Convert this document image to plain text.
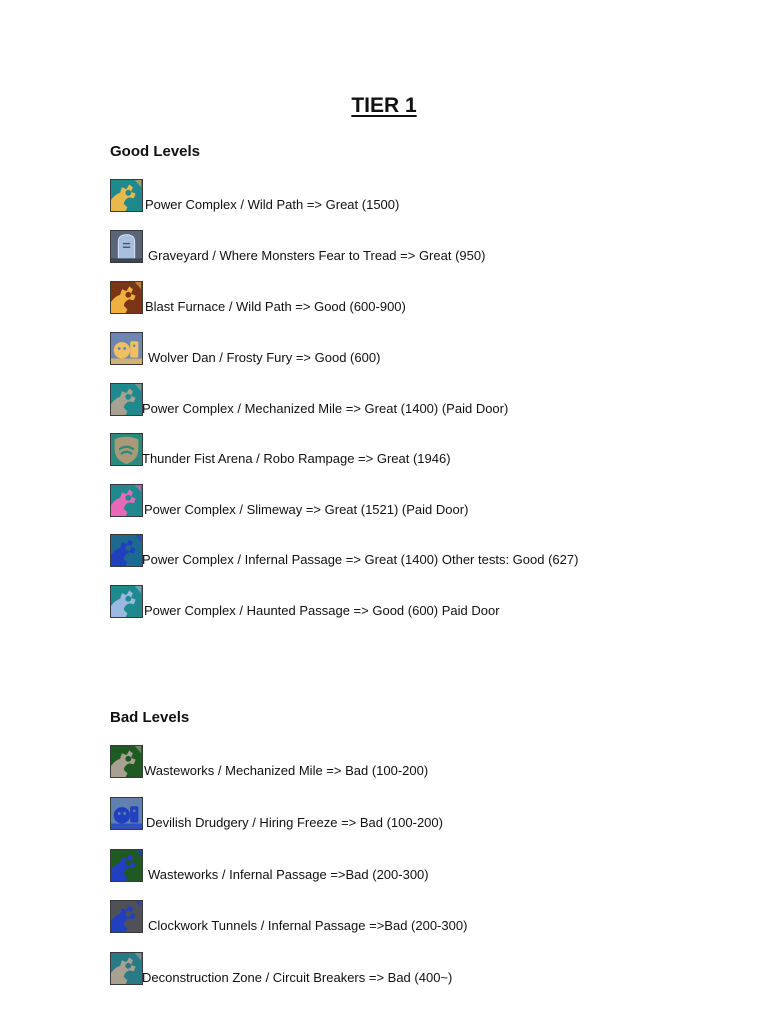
TIER 1
Good Levels
Power Complex / Wild Path => Great (1500)
Graveyard / Where Monsters Fear to Tread => Great (950)
Blast Furnace / Wild Path => Good (600-900)
Wolver Dan / Frosty Fury => Good (600)
Power Complex / Mechanized Mile => Great (1400) (Paid Door)
Thunder Fist Arena / Robo Rampage => Great (1946)
Power Complex / Slimeway => Great (1521) (Paid Door)
Power Complex / Infernal Passage => Great (1400) Other tests: Good (627)
Power Complex / Haunted Passage => Good (600) Paid Door
Bad Levels
Wasteworks / Mechanized Mile => Bad (100-200)
Devilish Drudgery / Hiring Freeze => Bad (100-200)
Wasteworks / Infernal Passage =>Bad (200-300)
Clockwork Tunnels / Infernal Passage =>Bad (200-300)
Deconstruction Zone / Circuit Breakers => Bad (400~)
